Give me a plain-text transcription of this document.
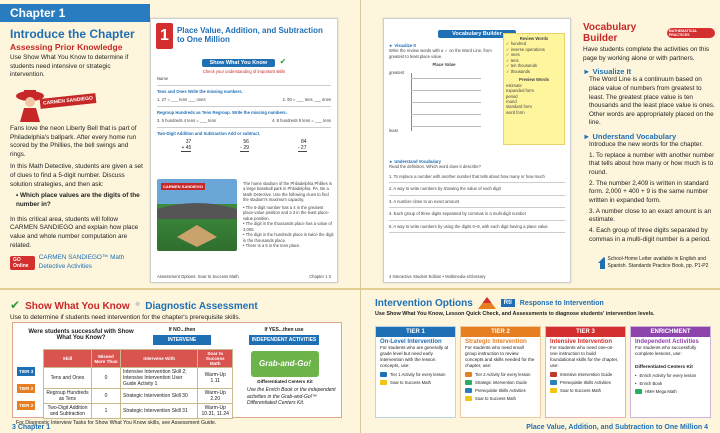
Chapter 1
Introduce the Chapter
Assessing Prior Knowledge
Use Show What You Know to determine if students need intensive or strategic intervention.
CARMEN SANDIEGO
Fans love the neon Liberty Bell that is part of Philadelphia's ballpark. After every home run scored by the Phillies, the bell swings and rings.
In this Math Detective, students are given a set of clues to find a 5-digit number. Discuss solution strategies, and then ask:
• Which place values are the digits of the number in?
In this critical area, students will follow CARMEN SANDIEGO and explain how place value and whole number computation are related.
GO Online
CARMEN SANDIEGO™ Math Detective Activities
1	Place Value, Addition, and Subtraction to One Million
Show What You Know ✔
Check your understanding of important skills
Name
Tens and Ones Write the missing numbers.
1. 27 = ___ tens ___ ones	2. 90 = ___ tens ___ ones
Regroup Hundreds as Tens Regroup. Write the missing numbers.
3. 5 hundreds 4 tens = ___ tens	4. 8 hundreds 9 tens = ___ tens
Two-Digit Addition and Subtraction Add or subtract.
37
+ 45
56
- 29
84
- 27
CARMEN SANDIEGO
The home stadium of the Philadelphia Phillies is a large baseball park in Philadelphia, PA. Be a Math Detective. Use the following clues to find the stadium's maximum capacity.
• The 5-digit number has a 4 in the greatest place-value position and a 3 in the least place-value position.
• The digit in the thousands place has a value of 3,000.
• The digit in the hundreds place is twice the digit in the thousands place.
• There is a 5 in the tens place.
Assessment Options: Soar to Success Math	Chapter 1 3
✔ Show What You Know • Diagnostic Assessment
Use to determine if students need intervention for the chapter's prerequisite skills.
Were students successful with Show What You Know?
If NO...then
INTERVENE
If YES...then use
INDEPENDENT ACTIVITIES
Skill	Missed More Than	Intervene With	Soar to Success Math
Tens and Ones	0	Intensive Intervention Skill 2; Intensive Intervention User Guide Activity 1	Warm-Up 1.11
Regroup Hundreds as Tens	0	Strategic Intervention Skill 30	Warm-Up 2.20
Two-Digit Addition and Subtraction	1	Strategic Intervention Skill 31	Warm-Up 10.31, 11.24
TIER 3
TIER 2
TIER 2
Grab-and-Go!
Differentiated Centers Kit
Use the Enrich Book or the independent activities in the Grab-and-Go!™ Differentiated Centers Kit.
For Diagnostic Interview Tasks for Show What You Know skills, see Assessment Guide.
3 Chapter 1
Vocabulary Builder
► Visualize It
Write the review words with a ✓ on the Word Line, from greatest to least place value.
Place Value
greatest
least
Review Words
✓ hundred
✓ inverse operations
✓ ones
✓ tens
✓ ten thousands
✓ thousands
Preview Words
estimate
expanded form
period
round
standard form
word form
► Understand Vocabulary
Read the definition. Which word does it describe?
1. To replace a number with another number that tells about how many or how much
2. A way to write numbers by showing the value of each digit
3. A number close to an exact amount
4. Each group of three digits separated by commas in a multi-digit number
5. A way to write numbers by using the digits 0–9, with each digit having a place value
4 Interactive Student Edition • Multimedia eGlossary
Vocabulary Builder
MATHEMATICAL PRACTICES
Have students complete the activities on this page by working alone or with partners.
► Visualize It
The Word Line is a continuum based on place value of numbers from greatest to least. The greatest place value is ten thousands and the least place value is ones. Other words are appropriately placed on the line.
► Understand Vocabulary
Introduce the new words for the chapter.
1. To replace a number with another number that tells about how many or how much is to round.
2. The number 2,409 is written in standard form. 2,000 + 400 + 9 is the same number written in expanded form.
3. A number close to an exact amount is an estimate.
4. Each group of three digits separated by commas in a multi-digit number is a period.
School-Home Letter available in English and Spanish. Standards Practice Book, pp. P1-P2
Intervention Options	RtI	Response to Intervention
Use Show What You Know, Lesson Quick Check, and Assessments to diagnose students' intervention levels.
TIER 1
On-Level Intervention
For students who are generally at grade level but need early intervention with the lesson concepts, use:
Tier 1 Activity for every lesson
Soar to Success Math
TIER 2
Strategic Intervention
For students who need small group instruction to review concepts and skills needed for the chapter, use:
Tier 2 Activity for every lesson
Strategic Intervention Guide
Prerequisite Skills Activities
Soar to Success Math
TIER 3
Intensive Intervention
For students who need one-on-one instruction to build foundational skills for the chapter, use:
Intensive Intervention Guide
Prerequisite Skills Activities
Soar to Success Math
ENRICHMENT
Independent Activities
For students who successfully complete lessons, use:
Differentiated Centers Kit
• Enrich Activity for every lesson
• Enrich Book
HMH Mega Math
Place Value, Addition, and Subtraction to One Million 4
